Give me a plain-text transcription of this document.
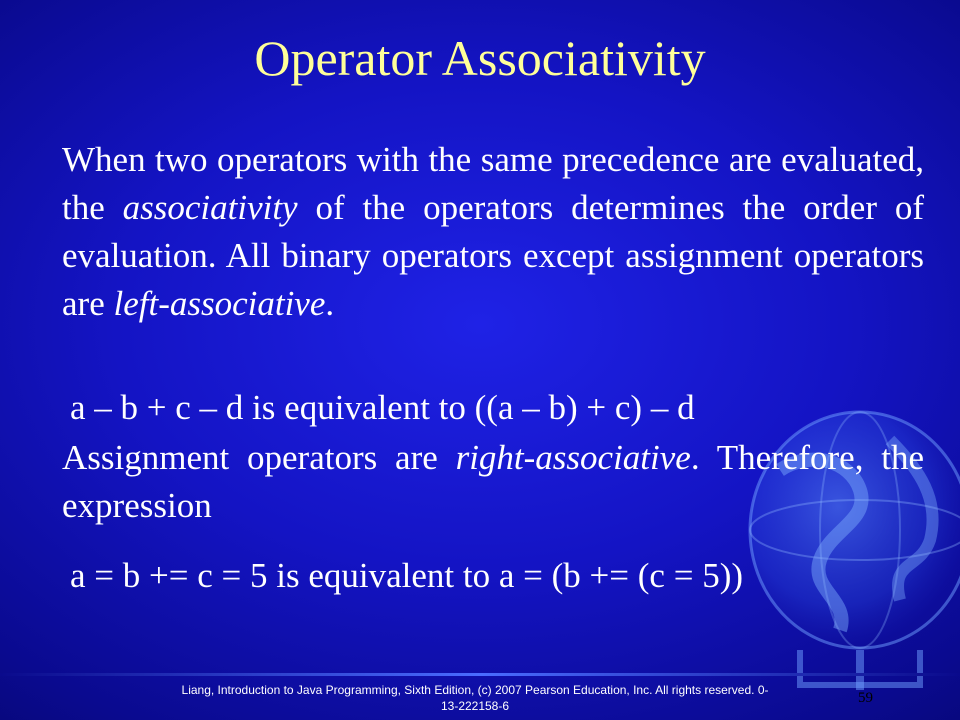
Operator Associativity

When two operators with the same precedence are evaluated, the associativity of the operators determines the order of evaluation. All binary operators except assignment operators are left-associative.

a – b + c – d is equivalent to ((a – b) + c) – d

Assignment operators are right-associative. Therefore, the expression

a = b += c = 5 is equivalent to a = (b += (c = 5))

Liang, Introduction to Java Programming, Sixth Edition, (c) 2007 Pearson Education, Inc. All rights reserved. 0-13-222158-6	59
